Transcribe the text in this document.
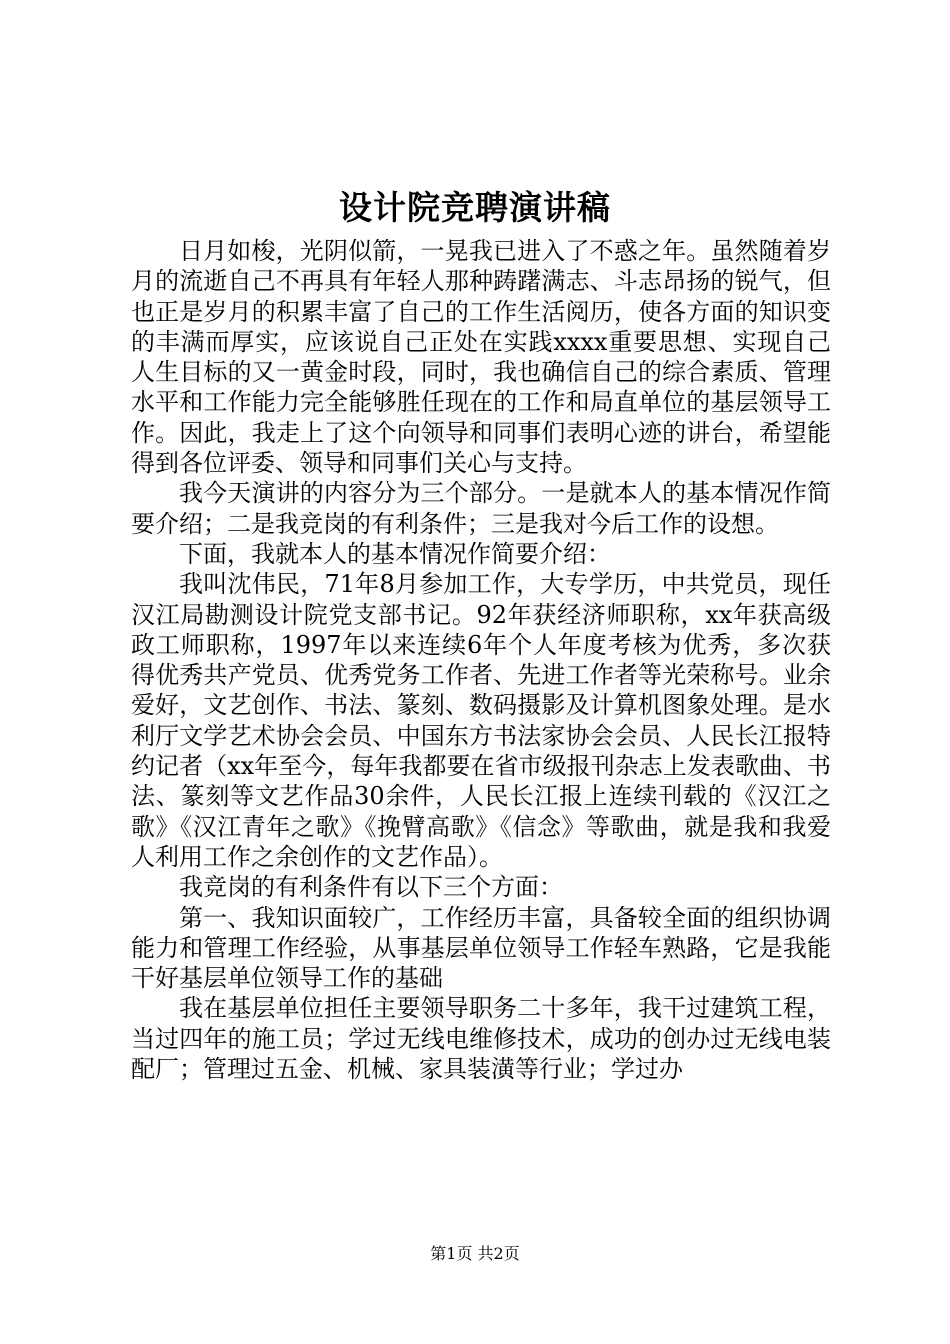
设计院竞聘演讲稿

日月如梭，光阴似箭，一晃我已进入了不惑之年。虽然随着岁月的流逝自己不再具有年轻人那种踌躇满志、斗志昂扬的锐气，但也正是岁月的积累丰富了自己的工作生活阅历，使各方面的知识变的丰满而厚实，应该说自己正处在实践xxxx重要思想、实现自己人生目标的又一黄金时段，同时，我也确信自己的综合素质、管理水平和工作能力完全能够胜任现在的工作和局直单位的基层领导工作。因此，我走上了这个向领导和同事们表明心迹的讲台，希望能得到各位评委、领导和同事们关心与支持。

我今天演讲的内容分为三个部分。一是就本人的基本情况作简要介绍；二是我竞岗的有利条件；三是我对今后工作的设想。

下面，我就本人的基本情况作简要介绍：

我叫沈伟民，71年8月参加工作，大专学历，中共党员，现任汉江局勘测设计院党支部书记。92年获经济师职称，xx年获高级政工师职称，1997年以来连续6年个人年度考核为优秀，多次获得优秀共产党员、优秀党务工作者、先进工作者等光荣称号。业余爱好，文艺创作、书法、篆刻、数码摄影及计算机图象处理。是水利厅文学艺术协会会员、中国东方书法家协会会员、人民长江报特约记者（xx年至今，每年我都要在省市级报刊杂志上发表歌曲、书法、篆刻等文艺作品30余件，人民长江报上连续刊载的《汉江之歌》《汉江青年之歌》《挽臂高歌》《信念》等歌曲，就是我和我爱人利用工作之余创作的文艺作品）。

我竞岗的有利条件有以下三个方面：

第一、我知识面较广，工作经历丰富，具备较全面的组织协调能力和管理工作经验，从事基层单位领导工作轻车熟路，它是我能干好基层单位领导工作的基础

我在基层单位担任主要领导职务二十多年，我干过建筑工程，当过四年的施工员；学过无线电维修技术，成功的创办过无线电装配厂；管理过五金、机械、家具装潢等行业；学过办

第1页 共2页
